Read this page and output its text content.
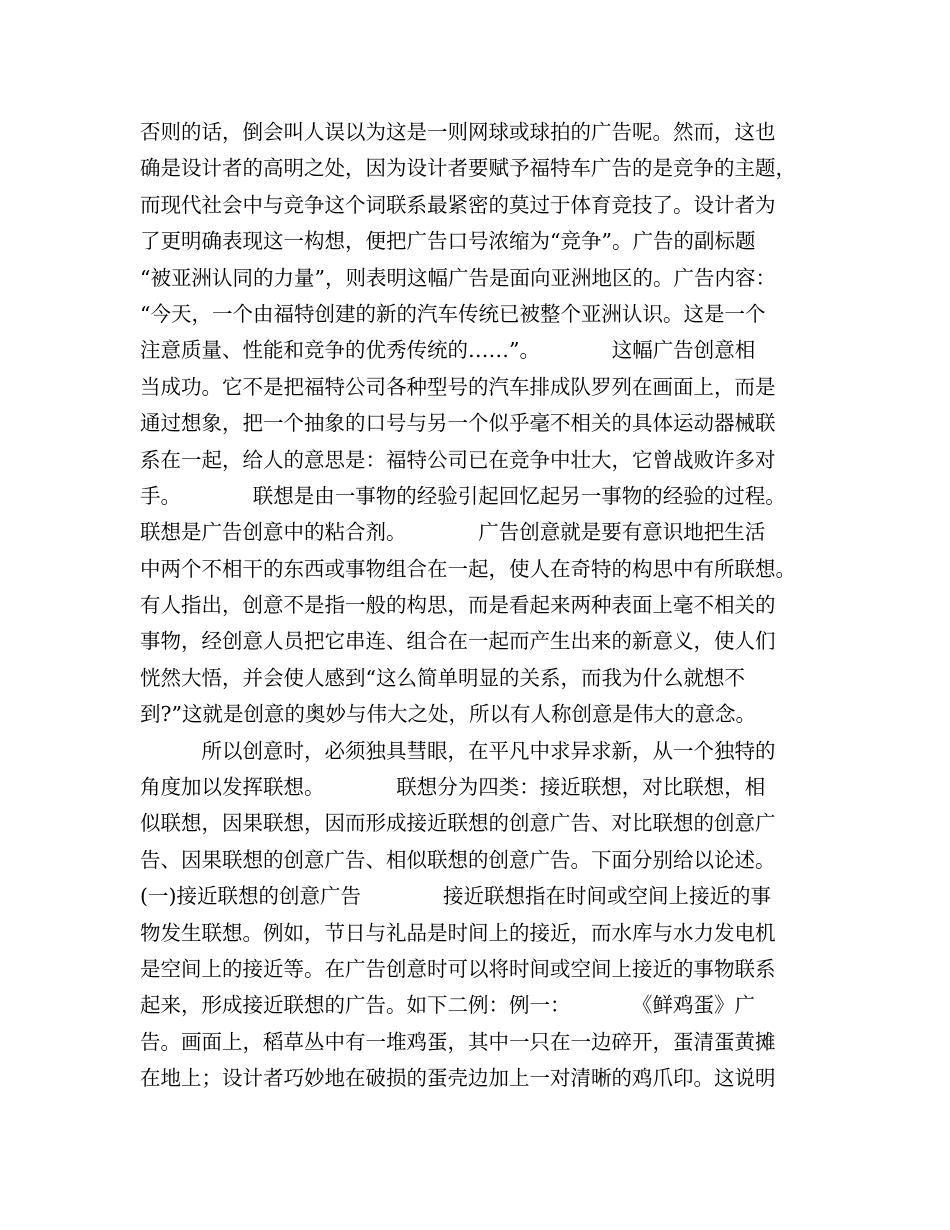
否则的话，倒会叫人误以为这是一则网球或球拍的广告呢。然而，这也
确是设计者的高明之处，因为设计者要赋予福特车广告的是竞争的主题，
而现代社会中与竞争这个词联系最紧密的莫过于体育竞技了。设计者为
了更明确表现这一构想，便把广告口号浓缩为“竞争”。广告的副标题
“被亚洲认同的力量”，则表明这幅广告是面向亚洲地区的。广告内容：
“今天，一个由福特创建的新的汽车传统已被整个亚洲认识。这是一个
注意质量、性能和竞争的优秀传统的……”。　　　　这幅广告创意相
当成功。它不是把福特公司各种型号的汽车排成队罗列在画面上，而是
通过想象，把一个抽象的口号与另一个似乎毫不相关的具体运动器械联
系在一起，给人的意思是：福特公司已在竞争中壮大，它曾战败许多对
手。　　　　联想是由一事物的经验引起回忆起另一事物的经验的过程。
联想是广告创意中的粘合剂。　　　　广告创意就是要有意识地把生活
中两个不相干的东西或事物组合在一起，使人在奇特的构思中有所联想。
有人指出，创意不是指一般的构思，而是看起来两种表面上毫不相关的
事物，经创意人员把它串连、组合在一起而产生出来的新意义，使人们
恍然大悟，并会使人感到“这么简单明显的关系，而我为什么就想不
到?”这就是创意的奥妙与伟大之处，所以有人称创意是伟大的意念。
　　　所以创意时，必须独具彗眼，在平凡中求异求新，从一个独特的
角度加以发挥联想。　　　　联想分为四类：接近联想，对比联想，相
似联想，因果联想，因而形成接近联想的创意广告、对比联想的创意广
告、因果联想的创意广告、相似联想的创意广告。下面分别给以论述。
(一)接近联想的创意广告　　　　接近联想指在时间或空间上接近的事
物发生联想。例如，节日与礼品是时间上的接近，而水库与水力发电机
是空间上的接近等。在广告创意时可以将时间或空间上接近的事物联系
起来，形成接近联想的广告。如下二例：例一：　　　　《鲜鸡蛋》广
告。画面上，稻草丛中有一堆鸡蛋，其中一只在一边碎开，蛋清蛋黄摊
在地上；设计者巧妙地在破损的蛋壳边加上一对清晰的鸡爪印。这说明
